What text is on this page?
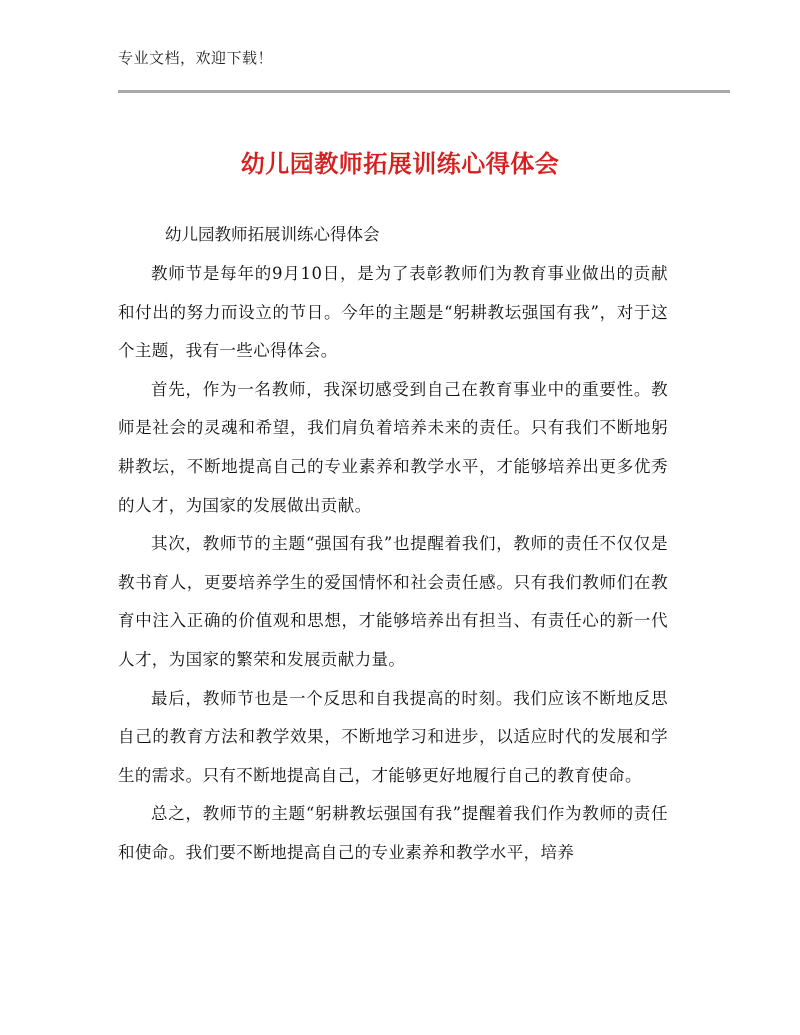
专业文档，欢迎下载！
幼儿园教师拓展训练心得体会
幼儿园教师拓展训练心得体会

教师节是每年的9月10日，是为了表彰教师们为教育事业做出的贡献和付出的努力而设立的节日。今年的主题是“躬耕教坛强国有我”，对于这个主题，我有一些心得体会。

首先，作为一名教师，我深切感受到自己在教育事业中的重要性。教师是社会的灵魂和希望，我们肩负着培养未来的责任。只有我们不断地躬耕教坛，不断地提高自己的专业素养和教学水平，才能够培养出更多优秀的人才，为国家的发展做出贡献。

其次，教师节的主题“强国有我”也提醒着我们，教师的责任不仅仅是教书育人，更要培养学生的爱国情怀和社会责任感。只有我们教师们在教育中注入正确的价值观和思想，才能够培养出有担当、有责任心的新一代人才，为国家的繁荣和发展贡献力量。

最后，教师节也是一个反思和自我提高的时刻。我们应该不断地反思自己的教育方法和教学效果，不断地学习和进步，以适应时代的发展和学生的需求。只有不断地提高自己，才能够更好地履行自己的教育使命。

总之，教师节的主题“躬耕教坛强国有我”提醒着我们作为教师的责任和使命。我们要不断地提高自己的专业素养和教学水平，培养
